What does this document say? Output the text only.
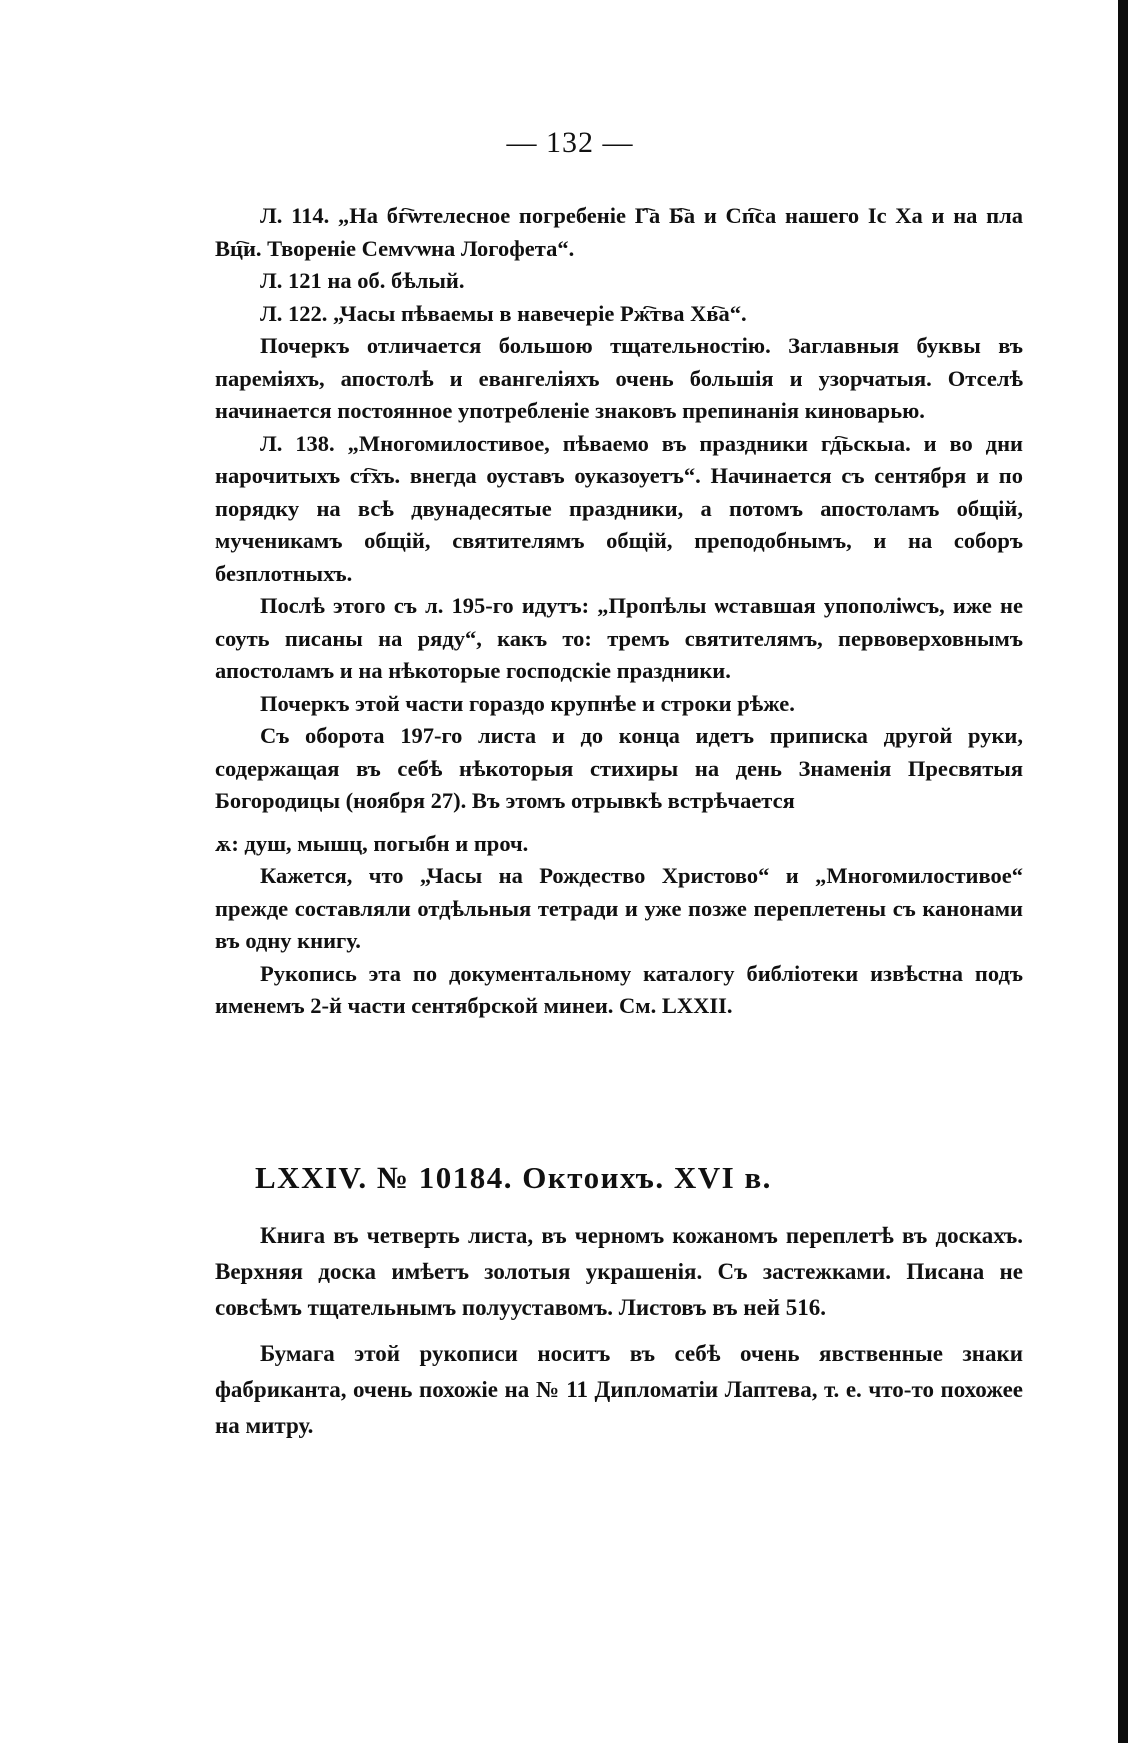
— 132 —

Л. 114. „На бг҇ѡтелесное погребенiе Г҇а Б҇а и Сп҇са нашего Iс Ха и на пла Вц҇и. Творенiе Семѵѡна Логофета“.

Л. 121 на об. бѣлый.

Л. 122. „Часы пѣваемы в навечерiе Рж҇тва Хв҇а“.

Почеркъ отличается большою тщательностiю. Заглавныя буквы въ паремiяхъ, апостолѣ и евангелiяхъ очень большiя и узорчатыя. Отселѣ начинается постоянное употребленiе знаковъ препинанiя киноварью.

Л. 138. „Многомилостивое, пѣваемо въ праздники гд҇ьскыа. и во дни нарочитыхъ ст҇хъ. внегда оуставъ оуказоуетъ“. Начинается съ сентября и по порядку на всѣ двунадесятые праздники, а потомъ апостоламъ общiй, мученикамъ общiй, святителямъ общiй, преподобнымъ, и на соборъ безплотныхъ.

Послѣ этого съ л. 195-го идутъ: „Пропѣлы ѡставшая упополiѡсъ, иже не соуть писаны на ряду“, какъ то: тремъ святителямъ, первоверховнымъ апостоламъ и на нѣкоторые господскiе праздники.

Почеркъ этой части гораздо крупнѣе и строки рѣже.

Съ оборота 197-го листа и до конца идетъ приписка другой руки, содержащая въ себѣ нѣкоторыя стихиры на день Знаменiя Пресвятыя Богородицы (ноября 27). Въ этомъ отрывкѣ встрѣчается

ѫ: душ, мышц, погыбн и проч.

Кажется, что „Часы на Рождество Христово“ и „Многомилостивое“ прежде составляли отдѣльныя тетради и уже позже переплетены съ канонами въ одну книгу.

Рукопись эта по документальному каталогу библiотеки извѣстна подъ именемъ 2-й части сентябрской минеи. См. LXXII.

LXXIV. № 10184. Октоихъ. XVI в.

Книга въ четверть листа, въ черномъ кожаномъ переплетѣ въ доскахъ. Верхняя доска имѣетъ золотыя украшенiя. Съ застежками. Писана не совсѣмъ тщательнымъ полууставомъ. Листовъ въ ней 516.

Бумага этой рукописи носитъ въ себѣ очень явственные знаки фабриканта, очень похожiе на № 11 Дипломатiи Лаптева, т. е. что-то похожее на митру.
